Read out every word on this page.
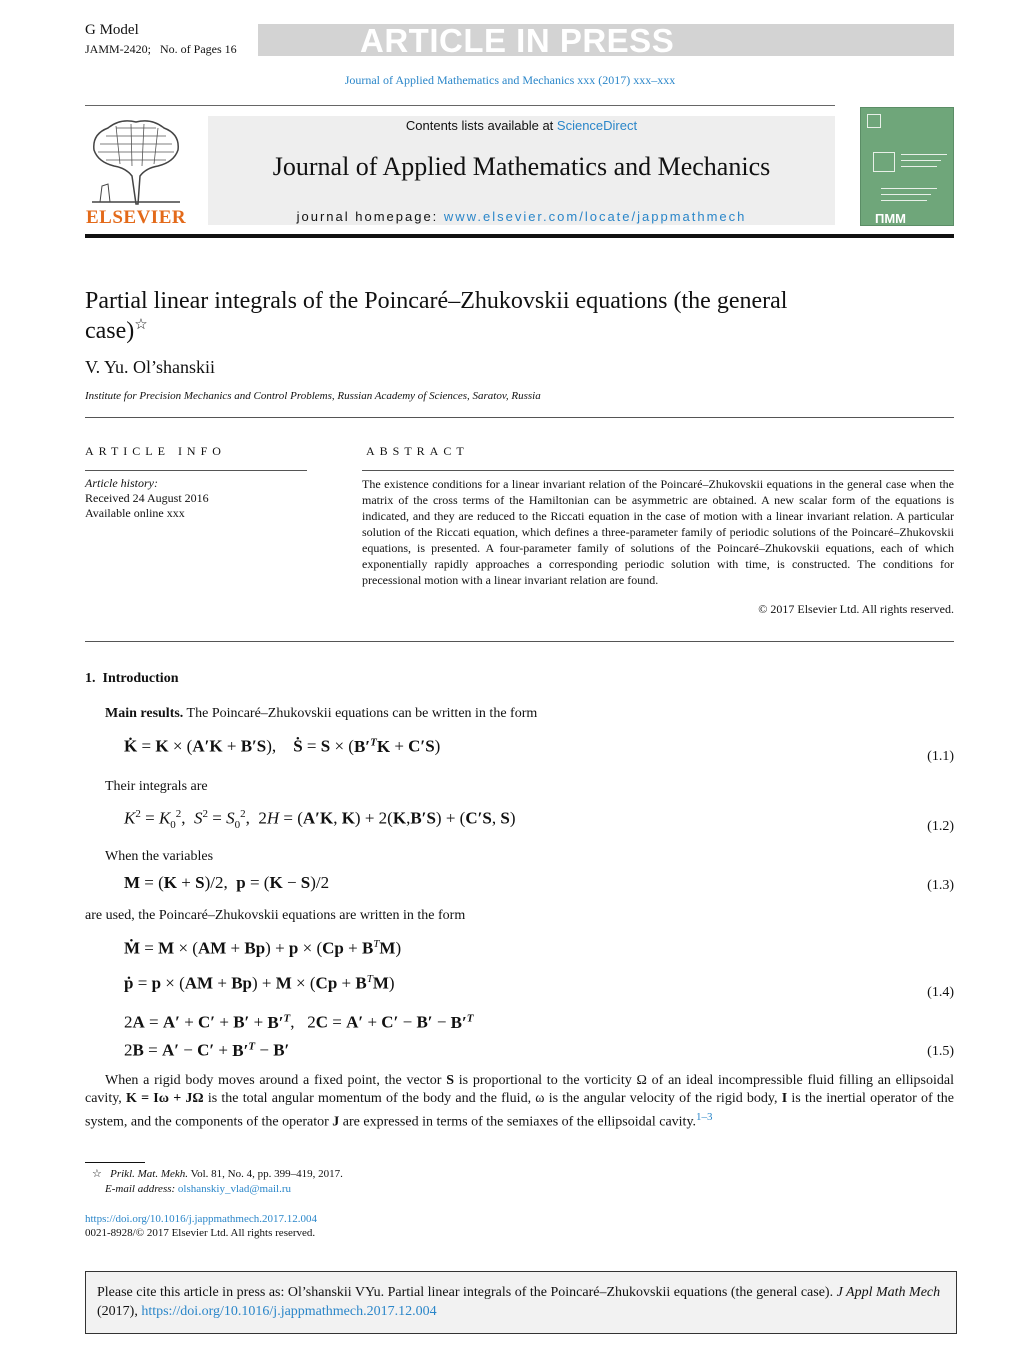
G Model
JAMM-2420; No. of Pages 16	ARTICLE IN PRESS
Journal of Applied Mathematics and Mechanics xxx (2017) xxx–xxx
ELSEVIER
Contents lists available at ScienceDirect
Journal of Applied Mathematics and Mechanics
journal homepage: www.elsevier.com/locate/jappmathmech	ПММ
Partial linear integrals of the Poincaré–Zhukovskii equations (the general case)☆
V. Yu. Ol’shanskii
Institute for Precision Mechanics and Control Problems, Russian Academy of Sciences, Saratov, Russia
ARTICLE INFO
Article history:
Received 24 August 2016
Available online xxx
ABSTRACT
The existence conditions for a linear invariant relation of the Poincaré–Zhukovskii equations in the general case when the matrix of the cross terms of the Hamiltonian can be asymmetric are obtained. A new scalar form of the equations is indicated, and they are reduced to the Riccati equation in the case of motion with a linear invariant relation. A particular solution of the Riccati equation, which defines a three-parameter family of periodic solutions of the Poincaré–Zhukovskii equations, is presented. A four-parameter family of solutions of the Poincaré–Zhukovskii equations, each of which exponentially rapidly approaches a corresponding periodic solution with time, is constructed. The conditions for precessional motion with a linear invariant relation are found.
© 2017 Elsevier Ltd. All rights reserved.
1. Introduction
Main results. The Poincaré–Zhukovskii equations can be written in the form
K̇ = K × (A′K + B′S),    Ṡ = $S \times (B'^TK + C'S)$
(1.1)
Their integrals are
$K^2 = K_0^2$,  $S^2 = S_0^2$,  2H = (A′K, K) + 2(K,B′S) + (C′S, S)	(1.2)
When the variables
M = (K + S)/2,  p = (K − S)/2	(1.3)
are used, the Poincaré–Zhukovskii equations are written in the form
Ṁ = $M \times (AM + Bp) + p \times (Cp + B^TM)$
ṗ = $p \times (AM + Bp) + M \times (Cp + B^TM)$	(1.4)
$2A = A' + C' + B' + B'^T$,   $2C = A' + C' - B' - B'^T$
$2B = A' - C' + B'^T - B'$	(1.5)
When a rigid body moves around a fixed point, the vector S is proportional to the vorticity Ω of an ideal incompressible fluid filling an ellipsoidal cavity, K = Iω + JΩ is the total angular momentum of the body and the fluid, ω is the angular velocity of the rigid body, I is the inertial operator of the system, and the components of the operator J are expressed in terms of the semiaxes of the ellipsoidal cavity.$^{1-3}$
☆ Prikl. Mat. Mekh. Vol. 81, No. 4, pp. 399–419, 2017.
E-mail address: olshanskiy_vlad@mail.ru
https://doi.org/10.1016/j.jappmathmech.2017.12.004
0021-8928/© 2017 Elsevier Ltd. All rights reserved.
Please cite this article in press as: Ol’shanskii VYu. Partial linear integrals of the Poincaré–Zhukovskii equations (the general case). J Appl Math Mech (2017), https://doi.org/10.1016/j.jappmathmech.2017.12.004
